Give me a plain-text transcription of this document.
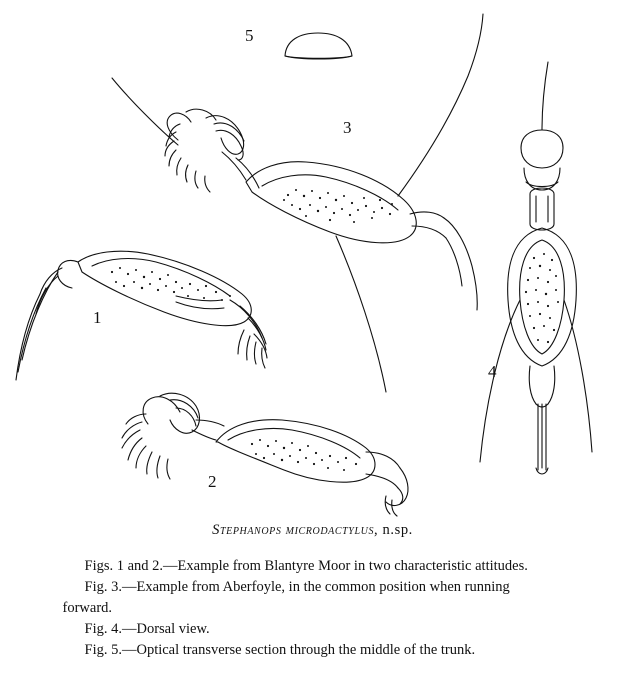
1
2
3
4
5
Stephanops microdactylus, n.sp.
Figs. 1 and 2.—Example from Blantyre Moor in two characteristic attitudes.
Fig. 3.—Example from Aberfoyle, in the common position when running
forward.
Fig. 4.—Dorsal view.
Fig. 5.—Optical transverse section through the middle of the trunk.
